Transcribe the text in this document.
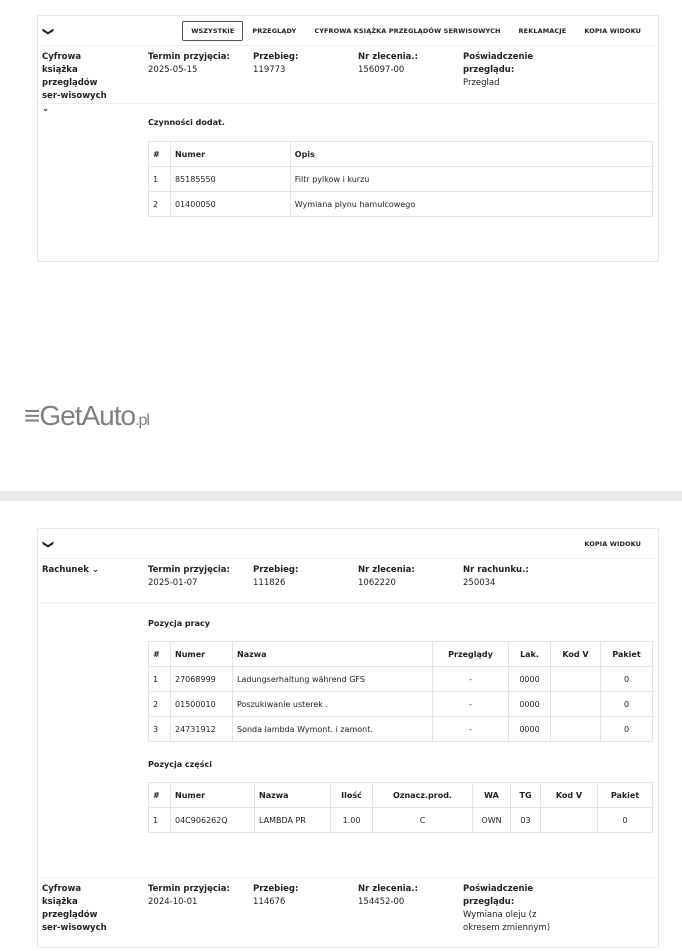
❯	WSZYSTKIE	PRZEGLĄDY	CYFROWA KSIĄŻKA PRZEGLĄDÓW SERWISOWYCH	REKLAMACJE	KOPIA WIDOKU
Cyfrowa książka przeglądów ser-wisowych ⌄
Termin przyjęcia:
2025-05-15
Przebieg:
119773
Nr zlecenia.:
156097-00
Poświadczenie przeglądu:
Przeglad
Czynności dodat.
#	Numer	Opis
1	85185550	Filtr pylkow i kurzu
2	01400050	Wymiana plynu hamulcowego
≡GetAuto.pl
❯	KOPIA WIDOKU
Rachunek ⌄	Termin przyjęcia:
2025-01-07
Przebieg:
111826
Nr zlecenia:
1062220
Nr rachunku.:
250034
Pozycja pracy
#	Numer	Nazwa	Przeglądy	Lak.	Kod V	Pakiet
1	27068999	Ladungserhaltung während GFS	-	0000		0
2	01500010	Poszukiwanie usterek .	-	0000		0
3	24731912	Sonda lambda Wymont. i zamont.	-	0000		0
Pozycja części
#	Numer	Nazwa	Ilość	Oznacz.prod.	WA	TG	Kod V	Pakiet
1	04C906262Q	LAMBDA PR	1.00	C	OWN	03		0
Cyfrowa książka przeglądów ser-wisowych
Termin przyjęcia:
2024-10-01
Przebieg:
114676
Nr zlecenia.:
154452-00
Poświadczenie przeglądu:
Wymiana oleju (z okresem zmiennym)
